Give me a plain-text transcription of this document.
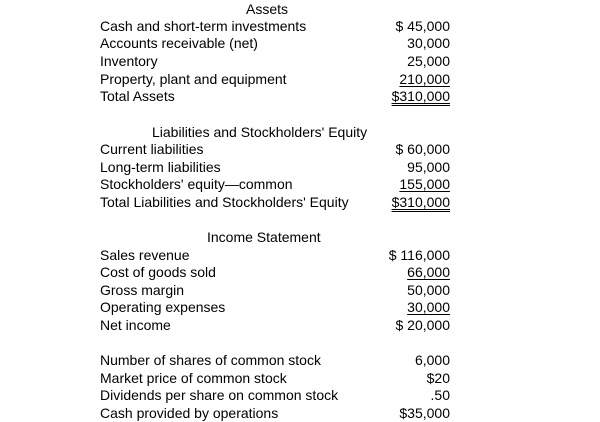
Assets
Cash and short-term investments	$ 45,000
Accounts receivable (net)	30,000
Inventory	25,000
Property, plant and equipment	210,000
Total Assets	$310,000
Liabilities and Stockholders' Equity
Current liabilities	$ 60,000
Long-term liabilities	95,000
Stockholders' equity—common	155,000
Total Liabilities and Stockholders' Equity	$310,000
Income Statement
Sales revenue	$ 116,000
Cost of goods sold	66,000
Gross margin	50,000
Operating expenses	30,000
Net income	$ 20,000
Number of shares of common stock	6,000
Market price of common stock	$20
Dividends per share on common stock	.50
Cash provided by operations	$35,000
